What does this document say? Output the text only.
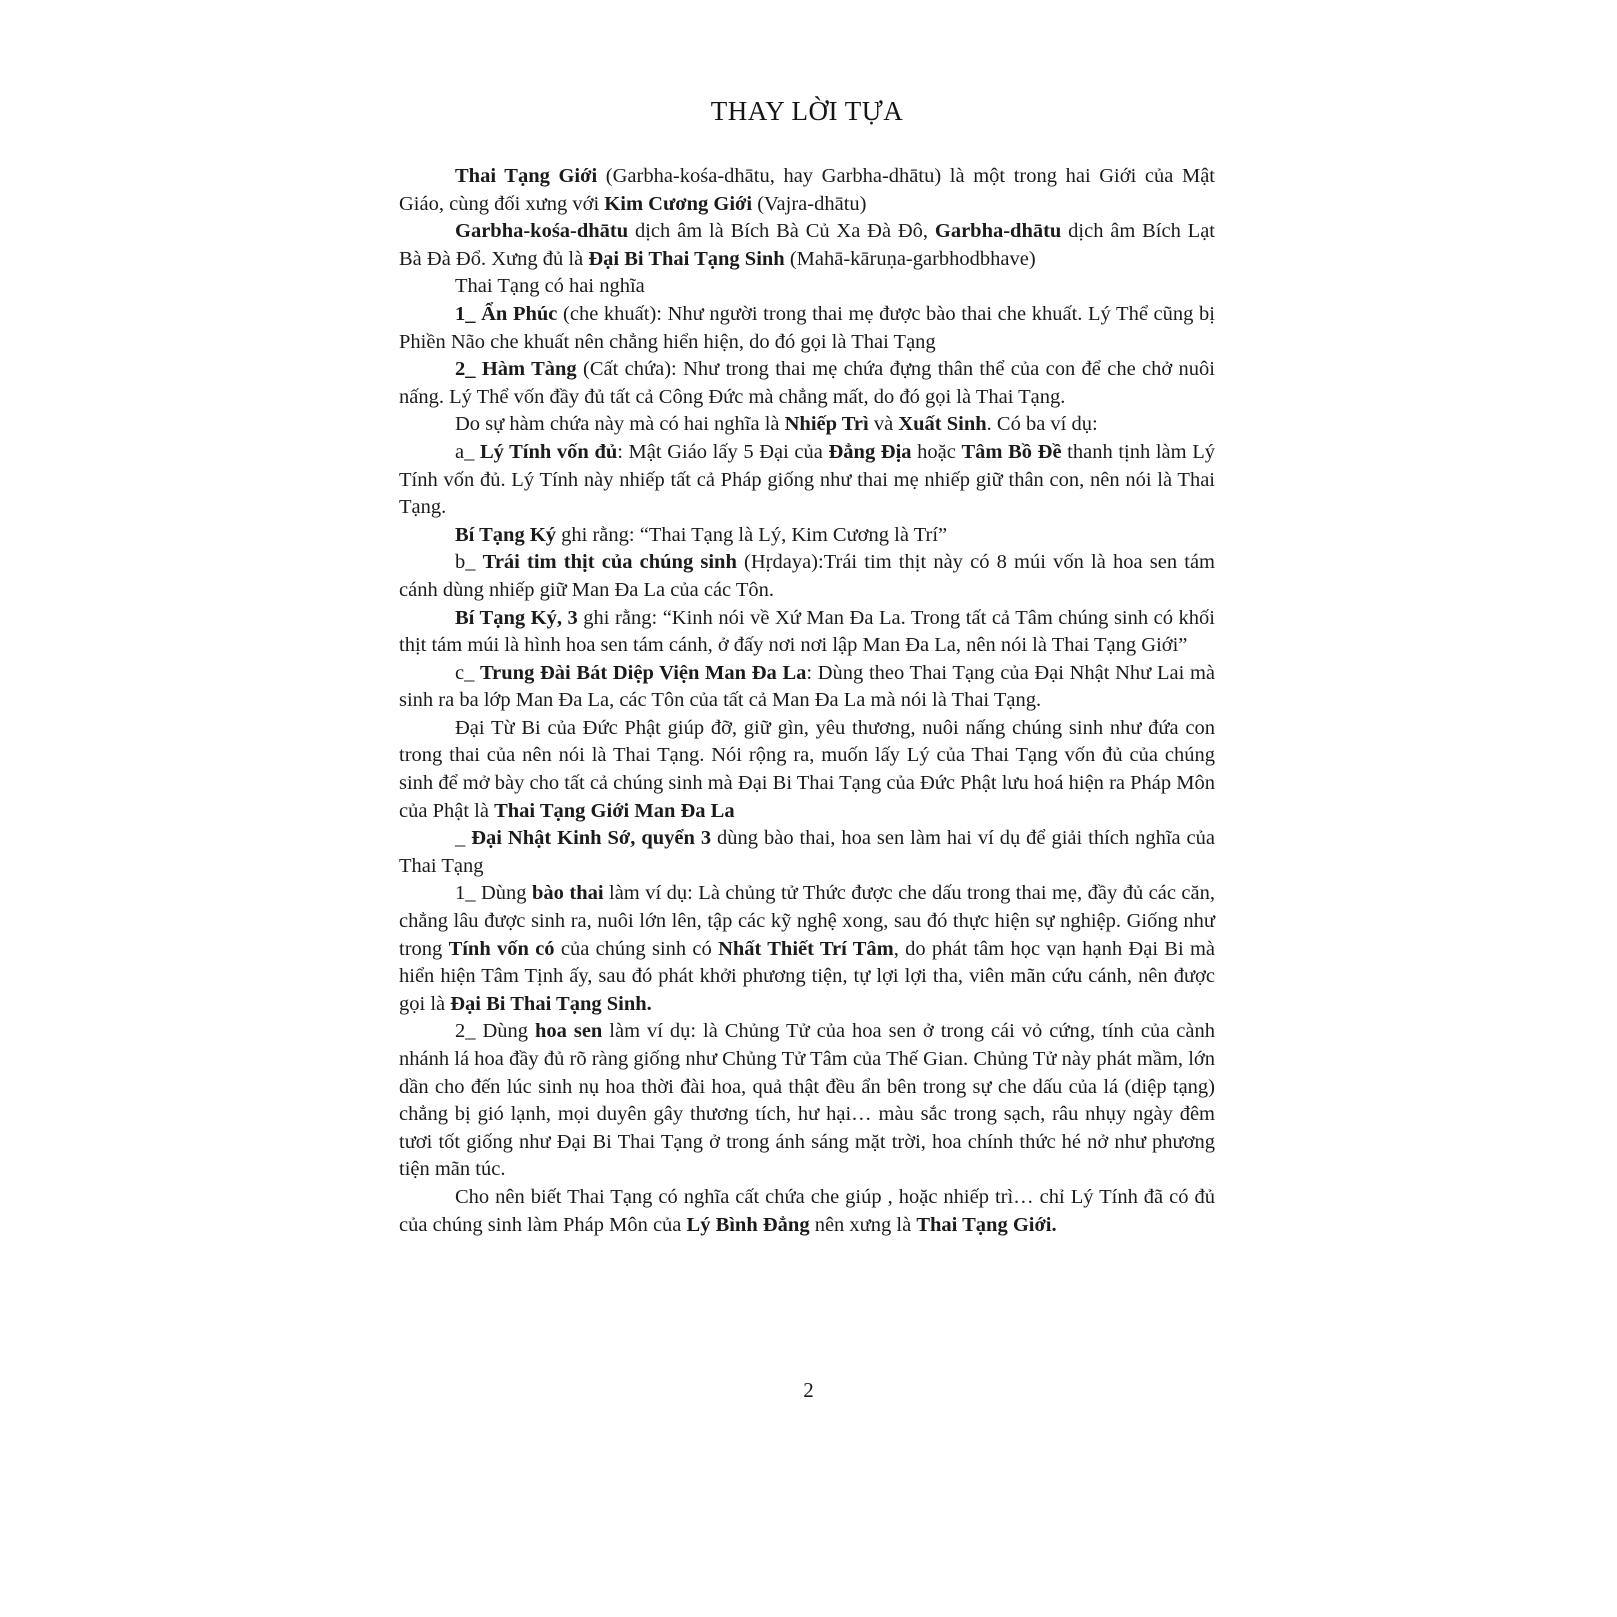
THAY LỜI TỰA

Thai Tạng Giới (Garbha-kośa-dhātu, hay Garbha-dhātu) là một trong hai Giới của Mật Giáo, cùng đối xưng với Kim Cương Giới (Vajra-dhātu)

Garbha-kośa-dhātu dịch âm là Bích Bà Củ Xa Đà Đô, Garbha-dhātu dịch âm Bích Lạt Bà Đà Đổ. Xưng đủ là Đại Bi Thai Tạng Sinh (Mahā-kāruṇa-garbhodbhave)

Thai Tạng có hai nghĩa

1_ Ẩn Phúc (che khuất): Như người trong thai mẹ được bào thai che khuất. Lý Thể cũng bị Phiền Não che khuất nên chẳng hiển hiện, do đó gọi là Thai Tạng

2_ Hàm Tàng (Cất chứa): Như trong thai mẹ chứa đựng thân thể của con để che chở nuôi nấng. Lý Thể vốn đầy đủ tất cả Công Đức mà chẳng mất, do đó gọi là Thai Tạng.

Do sự hàm chứa này mà có hai nghĩa là Nhiếp Trì và Xuất Sinh. Có ba ví dụ:

a_ Lý Tính vốn đủ: Mật Giáo lấy 5 Đại của Đẳng Địa hoặc Tâm Bồ Đề thanh tịnh làm Lý Tính vốn đủ. Lý Tính này nhiếp tất cả Pháp giống như thai mẹ nhiếp giữ thân con, nên nói là Thai Tạng.

Bí Tạng Ký ghi rằng: “Thai Tạng là Lý, Kim Cương là Trí”

b_ Trái tim thịt của chúng sinh (Hṛdaya):Trái tim thịt này có 8 múi vốn là hoa sen tám cánh dùng nhiếp giữ Man Đa La của các Tôn.

Bí Tạng Ký, 3 ghi rằng: “Kinh nói về Xứ Man Đa La. Trong tất cả Tâm chúng sinh có khối thịt tám múi là hình hoa sen tám cánh, ở đấy nơi nơi lập Man Đa La, nên nói là Thai Tạng Giới”

c_ Trung Đài Bát Diệp Viện Man Đa La: Dùng theo Thai Tạng của Đại Nhật Như Lai mà sinh ra ba lớp Man Đa La, các Tôn của tất cả Man Đa La mà nói là Thai Tạng.

Đại Từ Bi của Đức Phật giúp đỡ, giữ gìn, yêu thương, nuôi nấng chúng sinh như đứa con trong thai của nên nói là Thai Tạng. Nói rộng ra, muốn lấy Lý của Thai Tạng vốn đủ của chúng sinh để mở bày cho tất cả chúng sinh mà Đại Bi Thai Tạng của Đức Phật lưu hoá hiện ra Pháp Môn của Phật là Thai Tạng Giới Man Đa La

_ Đại Nhật Kinh Sớ, quyển 3 dùng bào thai, hoa sen làm hai ví dụ để giải thích nghĩa của Thai Tạng

1_ Dùng bào thai làm ví dụ: Là chủng tử Thức được che dấu trong thai mẹ, đầy đủ các căn, chẳng lâu được sinh ra, nuôi lớn lên, tập các kỹ nghệ xong, sau đó thực hiện sự nghiệp. Giống như trong Tính vốn có của chúng sinh có Nhất Thiết Trí Tâm, do phát tâm học vạn hạnh Đại Bi mà hiển hiện Tâm Tịnh ấy, sau đó phát khởi phương tiện, tự lợi lợi tha, viên mãn cứu cánh, nên được gọi là Đại Bi Thai Tạng Sinh.

2_ Dùng hoa sen làm ví dụ: là Chủng Tử của hoa sen ở trong cái vỏ cứng, tính của cành nhánh lá hoa đầy đủ rõ ràng giống như Chủng Tử Tâm của Thế Gian. Chủng Tử này phát mầm, lớn dần cho đến lúc sinh nụ hoa thời đài hoa, quả thật đều ẩn bên trong sự che dấu của lá (diệp tạng) chẳng bị gió lạnh, mọi duyên gây thương tích, hư hại… màu sắc trong sạch, râu nhụy ngày đêm tươi tốt giống như Đại Bi Thai Tạng ở trong ánh sáng mặt trời, hoa chính thức hé nở như phương tiện mãn túc.

Cho nên biết Thai Tạng có nghĩa cất chứa che giúp , hoặc nhiếp trì… chỉ Lý Tính đã có đủ của chúng sinh làm Pháp Môn của Lý Bình Đẳng nên xưng là Thai Tạng Giới.

2
